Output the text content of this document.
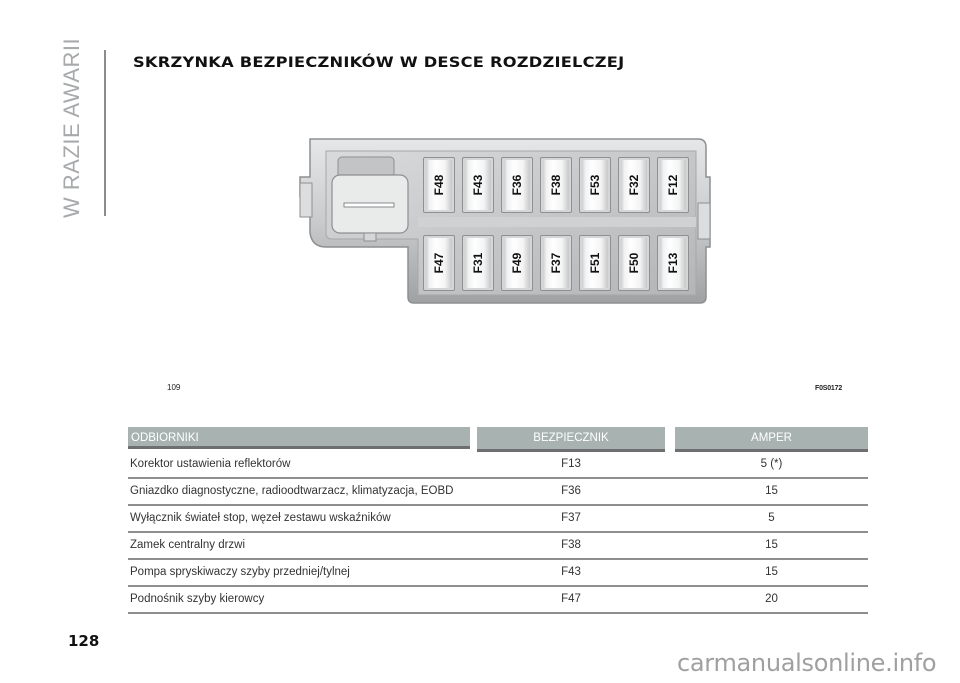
W RAZIE AWARII	SKRZYNKA BEZPIECZNIKÓW W DESCE ROZDZIELCZEJ
F48 F43 F36 F38 F53 F32 F12
F47 F31 F49 F37 F51 F50 F13
109	F0S0172
ODBIORNIKI	BEZPIECZNIK	AMPER
Korektor ustawienia reflektorów	F13	5 (*)
Gniazdko diagnostyczne, radioodtwarzacz, klimatyzacja, EOBD	F36	15
Wyłącznik świateł stop, węzeł zestawu wskaźników	F37	5
Zamek centralny drzwi	F38	15
Pompa spryskiwaczy szyby przedniej/tylnej	F43	15
Podnośnik szyby kierowcy	F47	20
128
carmanualsonline.info
